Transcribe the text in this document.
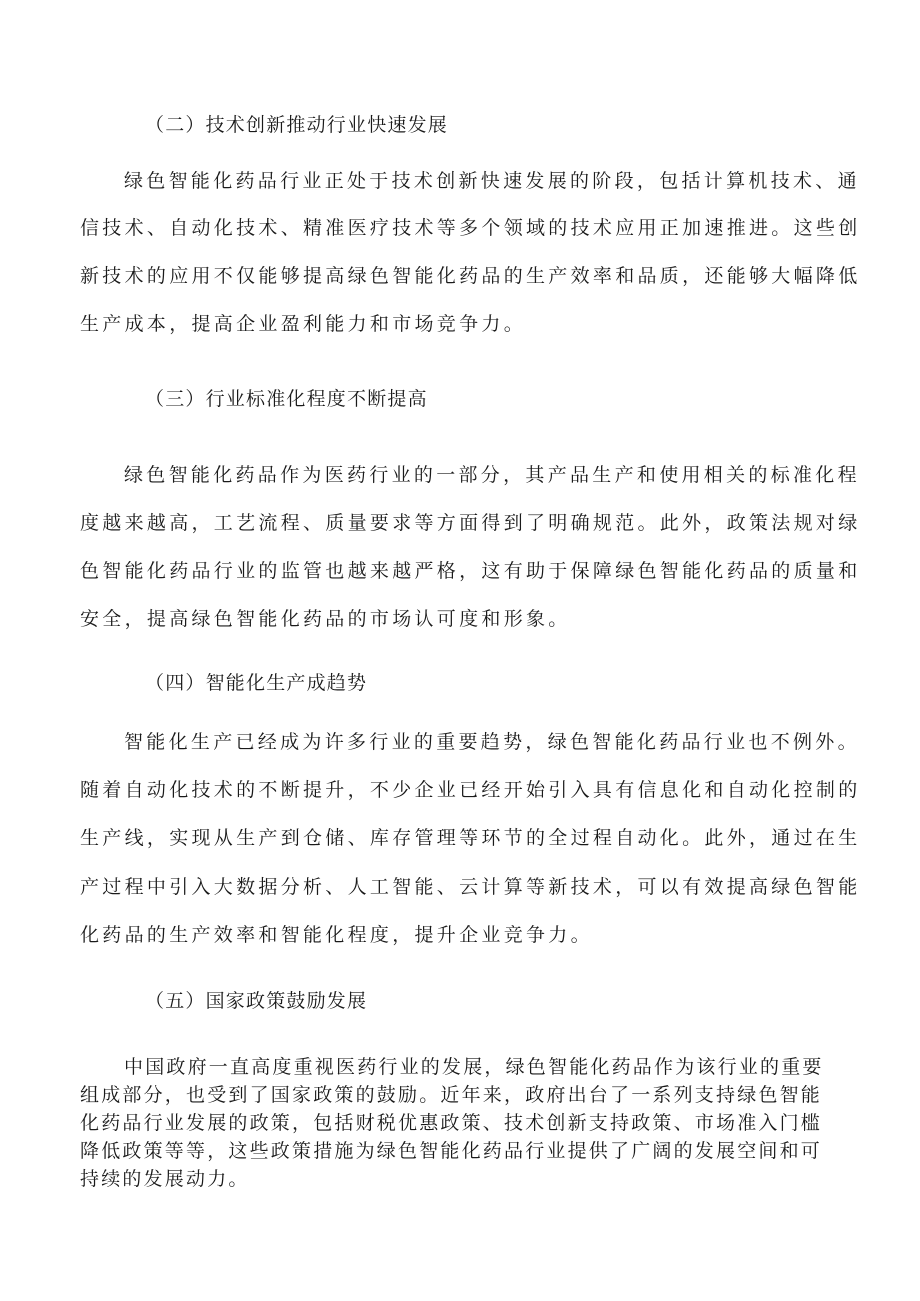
（二）技术创新推动行业快速发展
绿色智能化药品行业正处于技术创新快速发展的阶段，包括计算机技术、通
信技术、自动化技术、精准医疗技术等多个领域的技术应用正加速推进。这些创
新技术的应用不仅能够提高绿色智能化药品的生产效率和品质，还能够大幅降低
生产成本，提高企业盈利能力和市场竞争力。
（三）行业标准化程度不断提高
绿色智能化药品作为医药行业的一部分，其产品生产和使用相关的标准化程
度越来越高，工艺流程、质量要求等方面得到了明确规范。此外，政策法规对绿
色智能化药品行业的监管也越来越严格，这有助于保障绿色智能化药品的质量和
安全，提高绿色智能化药品的市场认可度和形象。
（四）智能化生产成趋势
智能化生产已经成为许多行业的重要趋势，绿色智能化药品行业也不例外。
随着自动化技术的不断提升，不少企业已经开始引入具有信息化和自动化控制的
生产线，实现从生产到仓储、库存管理等环节的全过程自动化。此外，通过在生
产过程中引入大数据分析、人工智能、云计算等新技术，可以有效提高绿色智能
化药品的生产效率和智能化程度，提升企业竞争力。
（五）国家政策鼓励发展
中国政府一直高度重视医药行业的发展，绿色智能化药品作为该行业的重要
组成部分，也受到了国家政策的鼓励。近年来，政府出台了一系列支持绿色智能
化药品行业发展的政策，包括财税优惠政策、技术创新支持政策、市场准入门槛
降低政策等等，这些政策措施为绿色智能化药品行业提供了广阔的发展空间和可
持续的发展动力。
